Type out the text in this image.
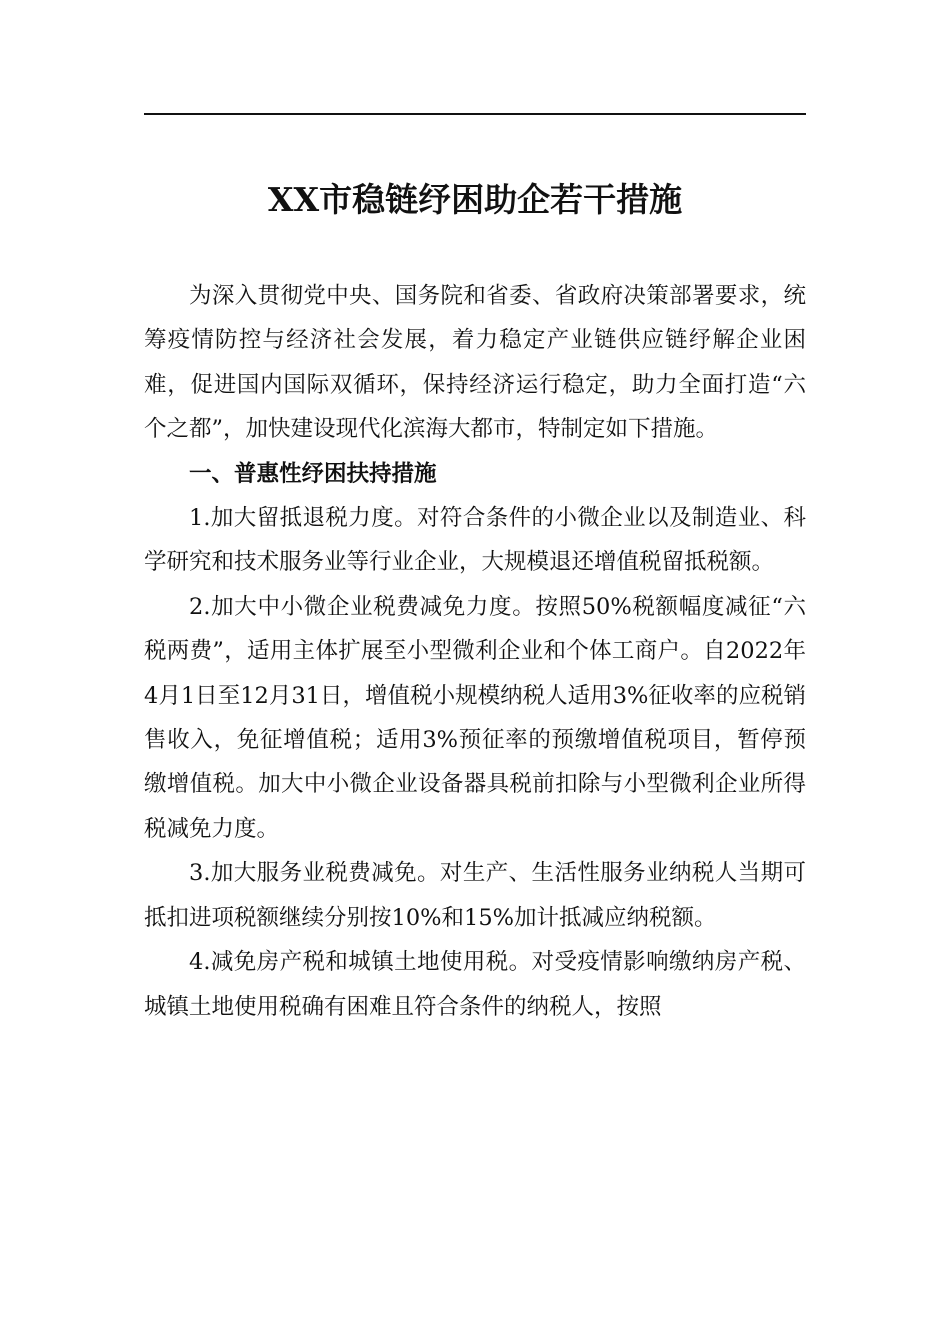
XX市稳链纾困助企若干措施

为深入贯彻党中央、国务院和省委、省政府决策部署要求，统筹疫情防控与经济社会发展，着力稳定产业链供应链纾解企业困难，促进国内国际双循环，保持经济运行稳定，助力全面打造“六个之都”，加快建设现代化滨海大都市，特制定如下措施。

一、普惠性纾困扶持措施

1.加大留抵退税力度。对符合条件的小微企业以及制造业、科学研究和技术服务业等行业企业，大规模退还增值税留抵税额。

2.加大中小微企业税费减免力度。按照50%税额幅度减征“六税两费”，适用主体扩展至小型微利企业和个体工商户。自2022年4月1日至12月31日，增值税小规模纳税人适用3%征收率的应税销售收入，免征增值税；适用3%预征率的预缴增值税项目，暂停预缴增值税。加大中小微企业设备器具税前扣除与小型微利企业所得税减免力度。

3.加大服务业税费减免。对生产、生活性服务业纳税人当期可抵扣进项税额继续分别按10%和15%加计抵减应纳税额。

4.减免房产税和城镇土地使用税。对受疫情影响缴纳房产税、城镇土地使用税确有困难且符合条件的纳税人，按照
